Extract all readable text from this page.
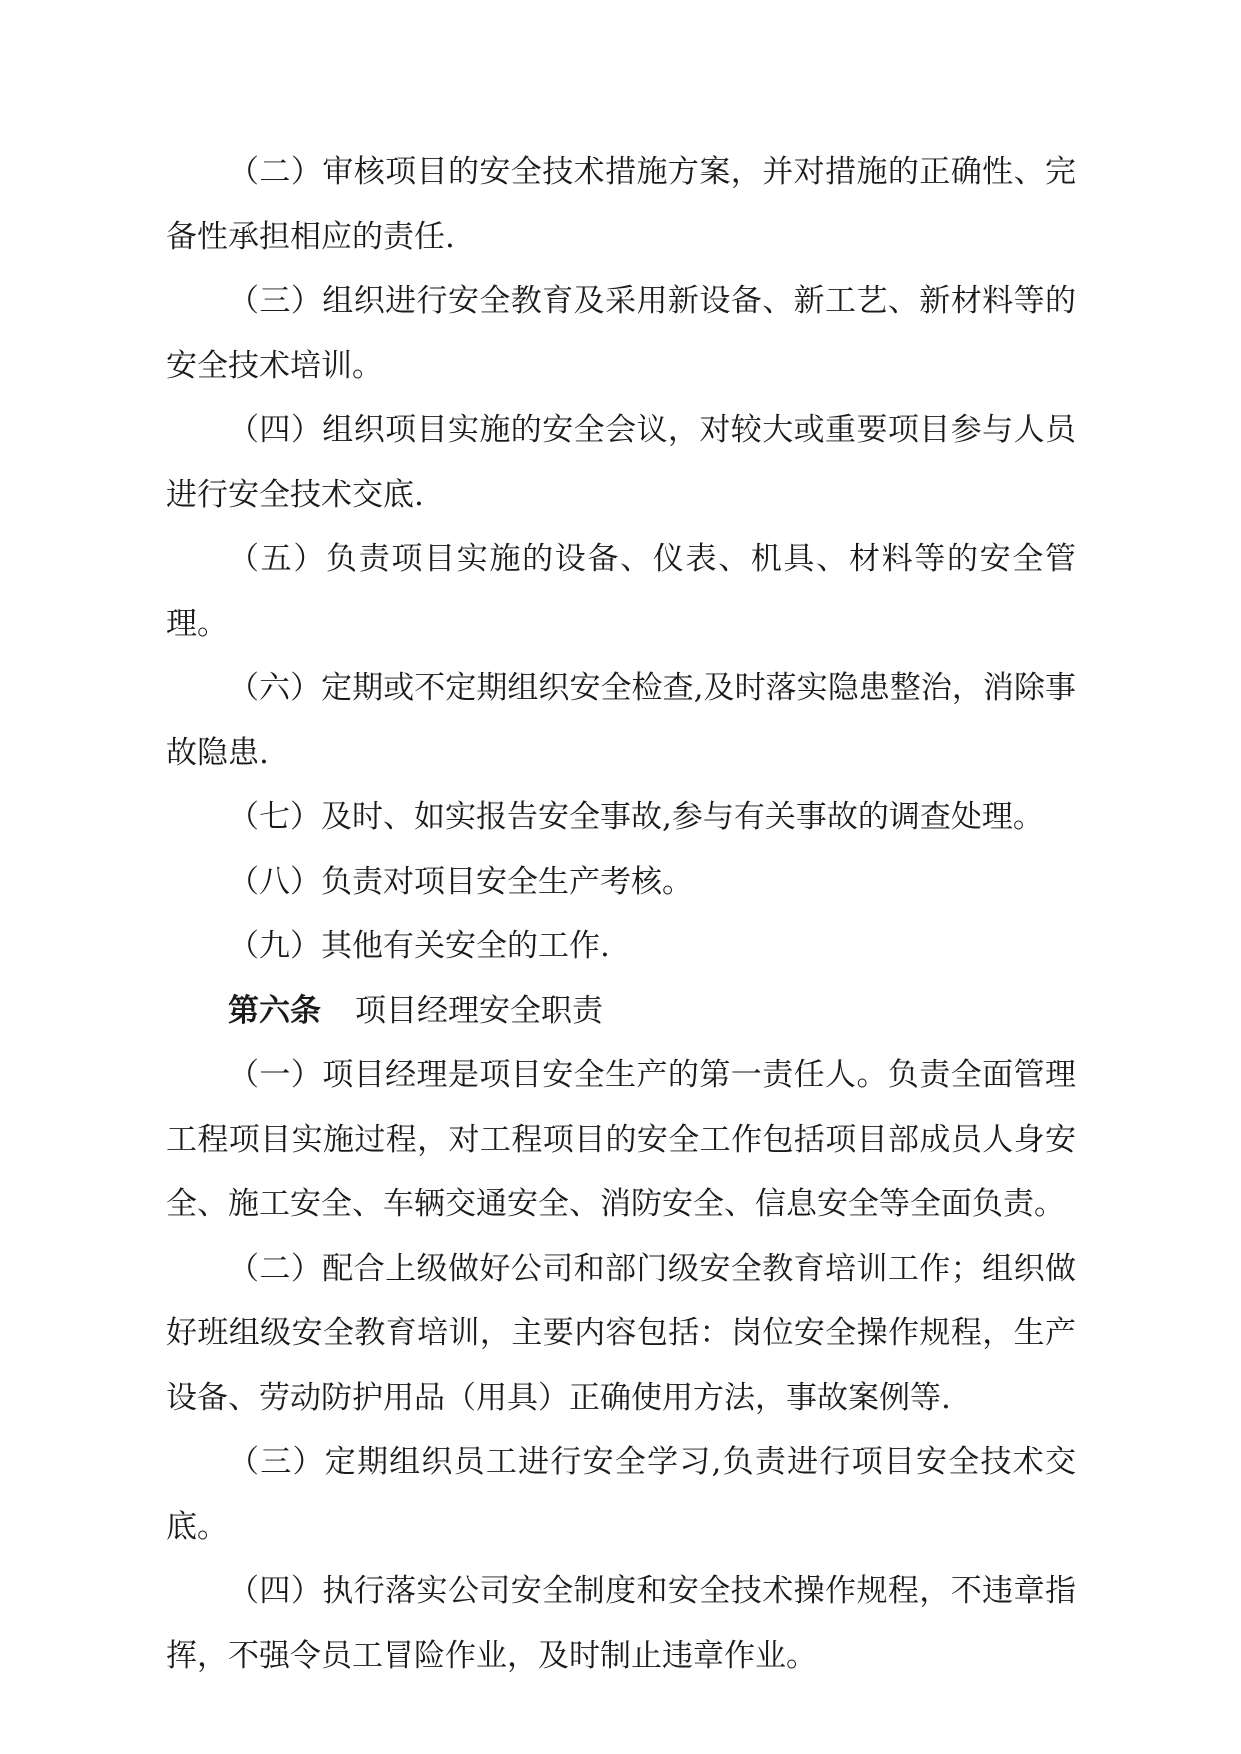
（二）审核项目的安全技术措施方案，并对措施的正确性、完备性承担相应的责任.

（三）组织进行安全教育及采用新设备、新工艺、新材料等的安全技术培训。

（四）组织项目实施的安全会议，对较大或重要项目参与人员进行安全技术交底.

（五）负责项目实施的设备、仪表、机具、材料等的安全管理。

（六）定期或不定期组织安全检查,及时落实隐患整治，消除事故隐患.

（七）及时、如实报告安全事故,参与有关事故的调查处理。

（八）负责对项目安全生产考核。

（九）其他有关安全的工作.

第六条 项目经理安全职责

（一）项目经理是项目安全生产的第一责任人。负责全面管理工程项目实施过程，对工程项目的安全工作包括项目部成员人身安全、施工安全、车辆交通安全、消防安全、信息安全等全面负责。

（二）配合上级做好公司和部门级安全教育培训工作；组织做好班组级安全教育培训，主要内容包括：岗位安全操作规程，生产设备、劳动防护用品（用具）正确使用方法，事故案例等.

（三）定期组织员工进行安全学习,负责进行项目安全技术交底。

（四）执行落实公司安全制度和安全技术操作规程，不违章指挥，不强令员工冒险作业，及时制止违章作业。
